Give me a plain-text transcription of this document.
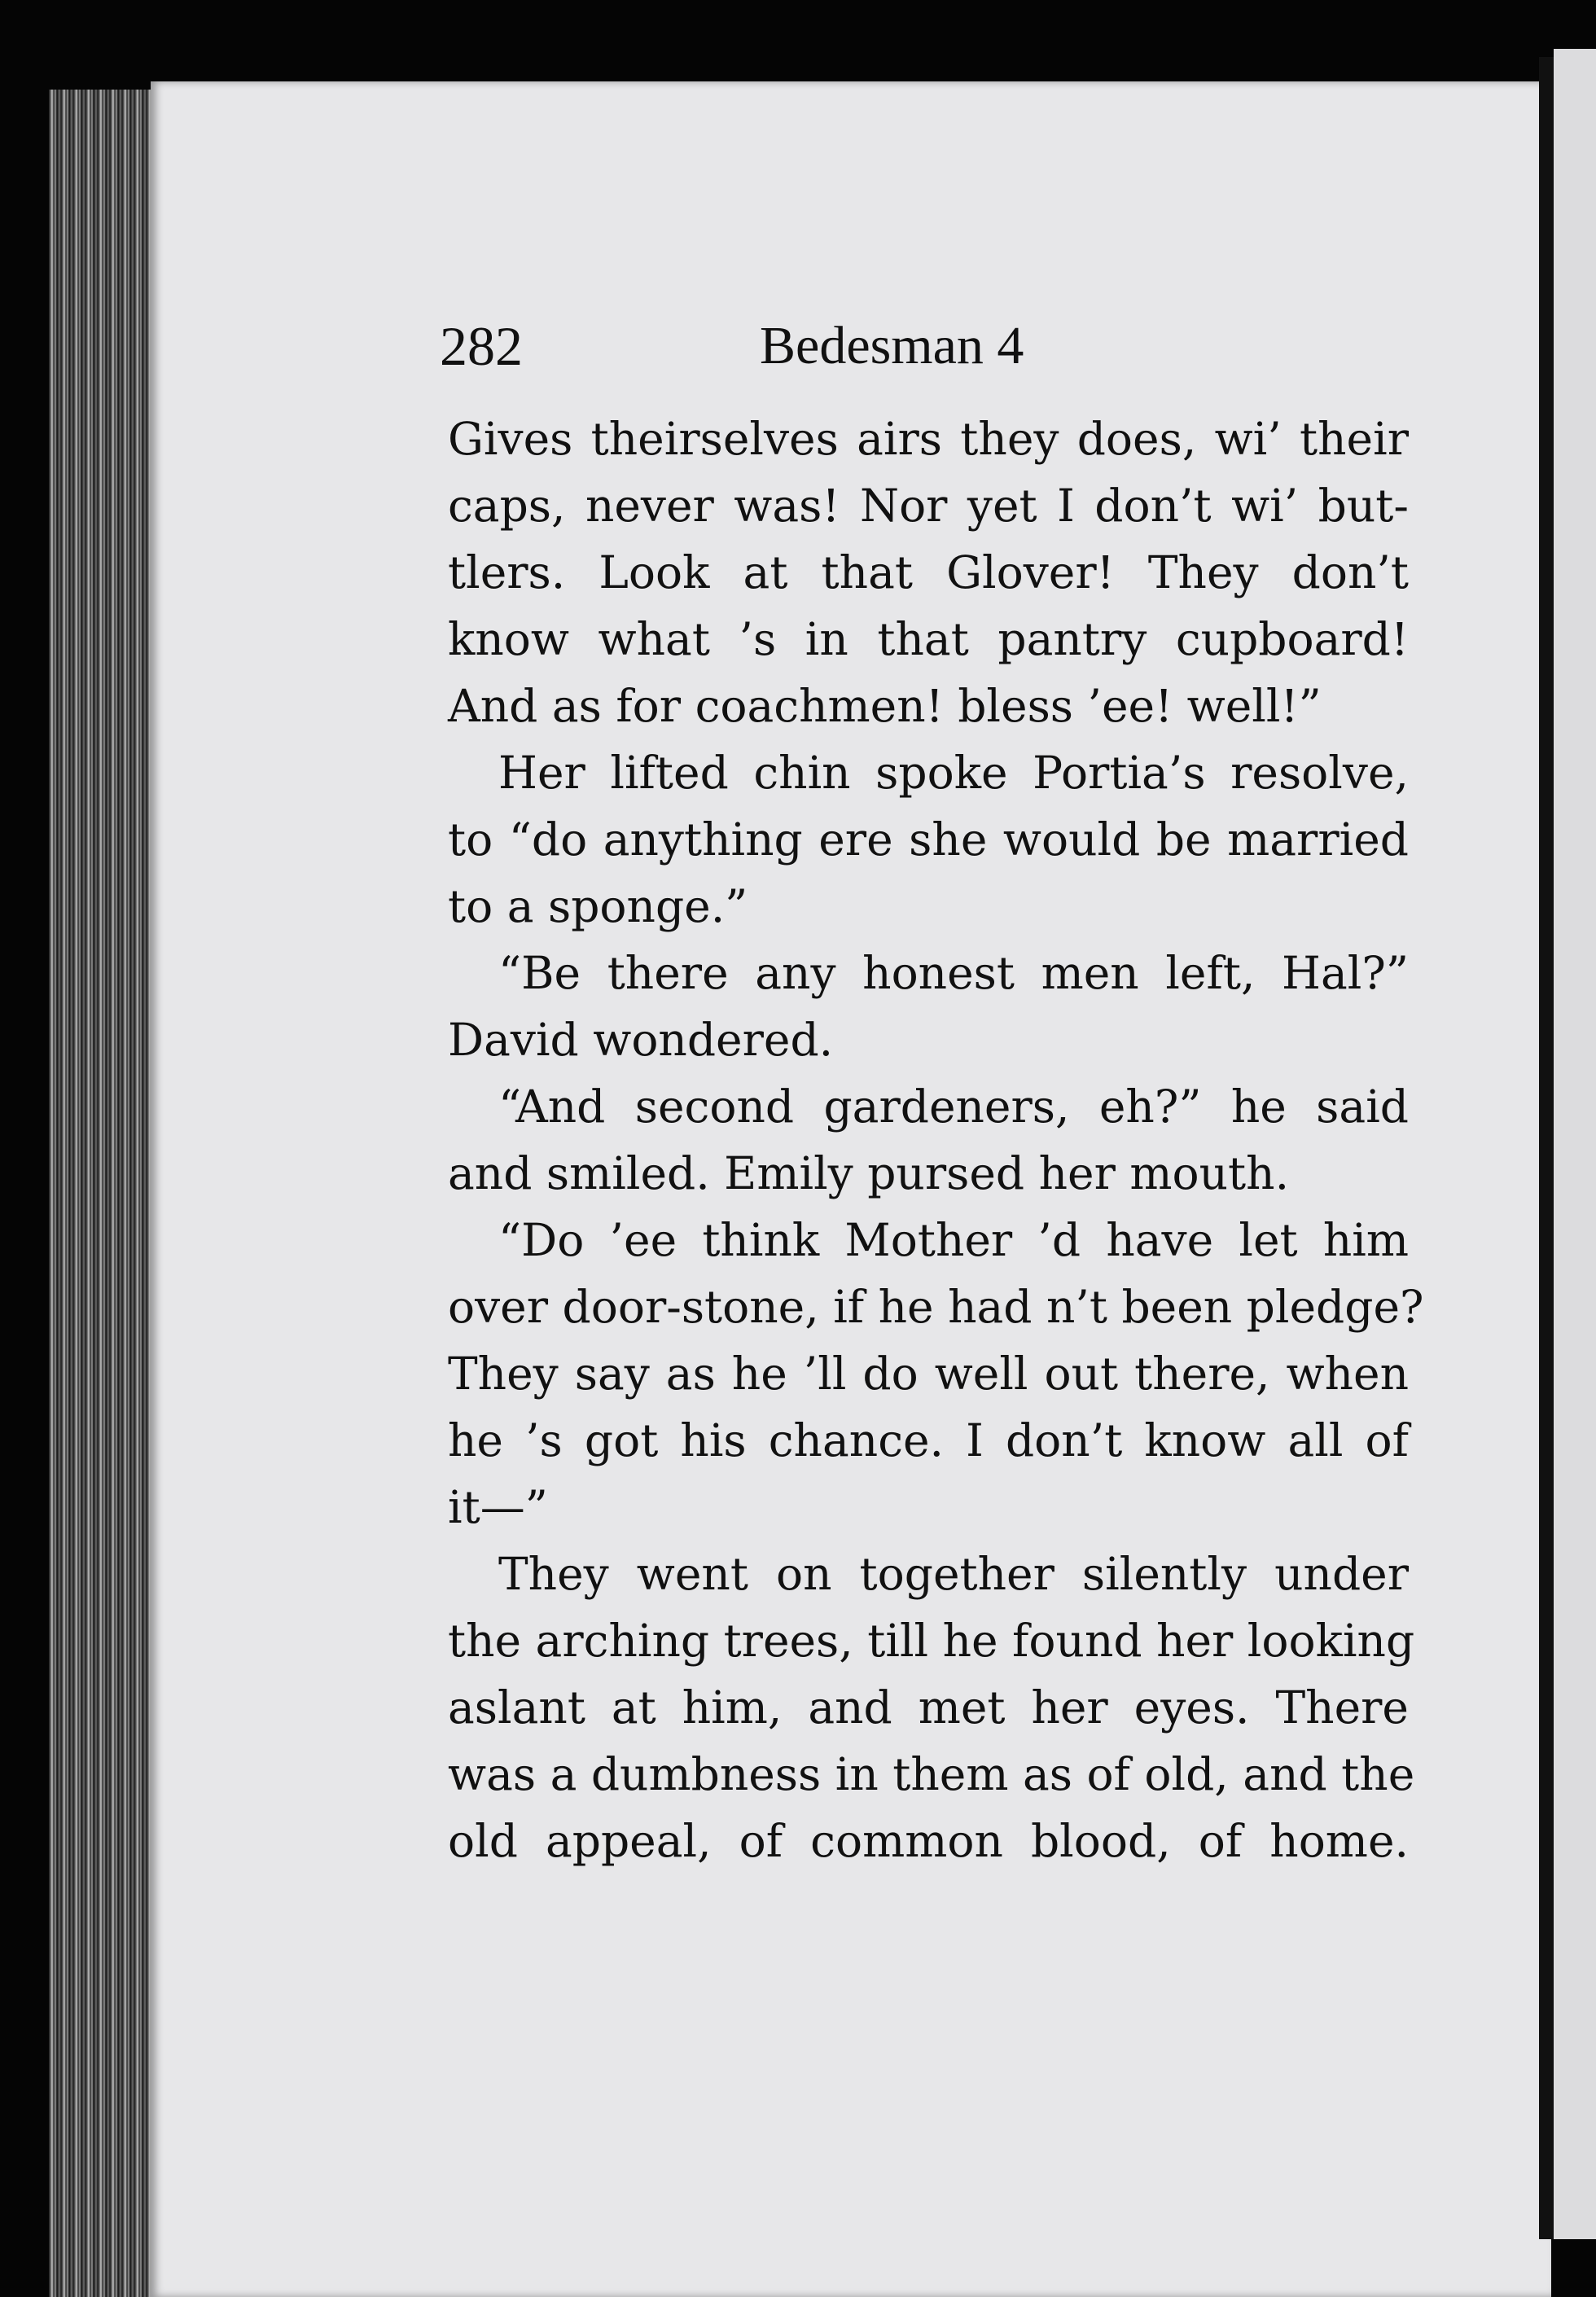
282	Bedesman 4
Gives theirselves airs they does, wi’ their
caps, never was! Nor yet I don’t wi’ but-
tlers. Look at that Glover! They don’t
know what ’s in that pantry cupboard!
And as for coachmen! bless ’ee! well!”
Her lifted chin spoke Portia’s resolve,
to “do anything ere she would be married
to a sponge.”
“Be there any honest men left, Hal?”
David wondered.
“And second gardeners, eh?” he said
and smiled. Emily pursed her mouth.
“Do ’ee think Mother ’d have let him
over door-stone, if he had n’t been pledge?
They say as he ’ll do well out there, when
he ’s got his chance. I don’t know all of
it—”
They went on together silently under
the arching trees, till he found her looking
aslant at him, and met her eyes. There
was a dumbness in them as of old, and the
old appeal, of common blood, of home.
